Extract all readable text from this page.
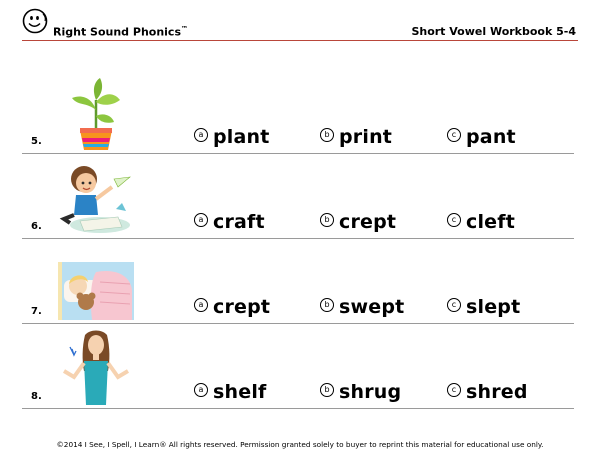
Right Sound Phonics™	Short Vowel Workbook 5-4
5.
a plant	b print	c pant
6.
a craft	b crept	c cleft
7.
a crept	b swept	c slept
8.
a shelf	b shrug	c shred
©2014 I See, I Spell, I Learn® All rights reserved. Permission granted solely to buyer to reprint this material for educational use only.
